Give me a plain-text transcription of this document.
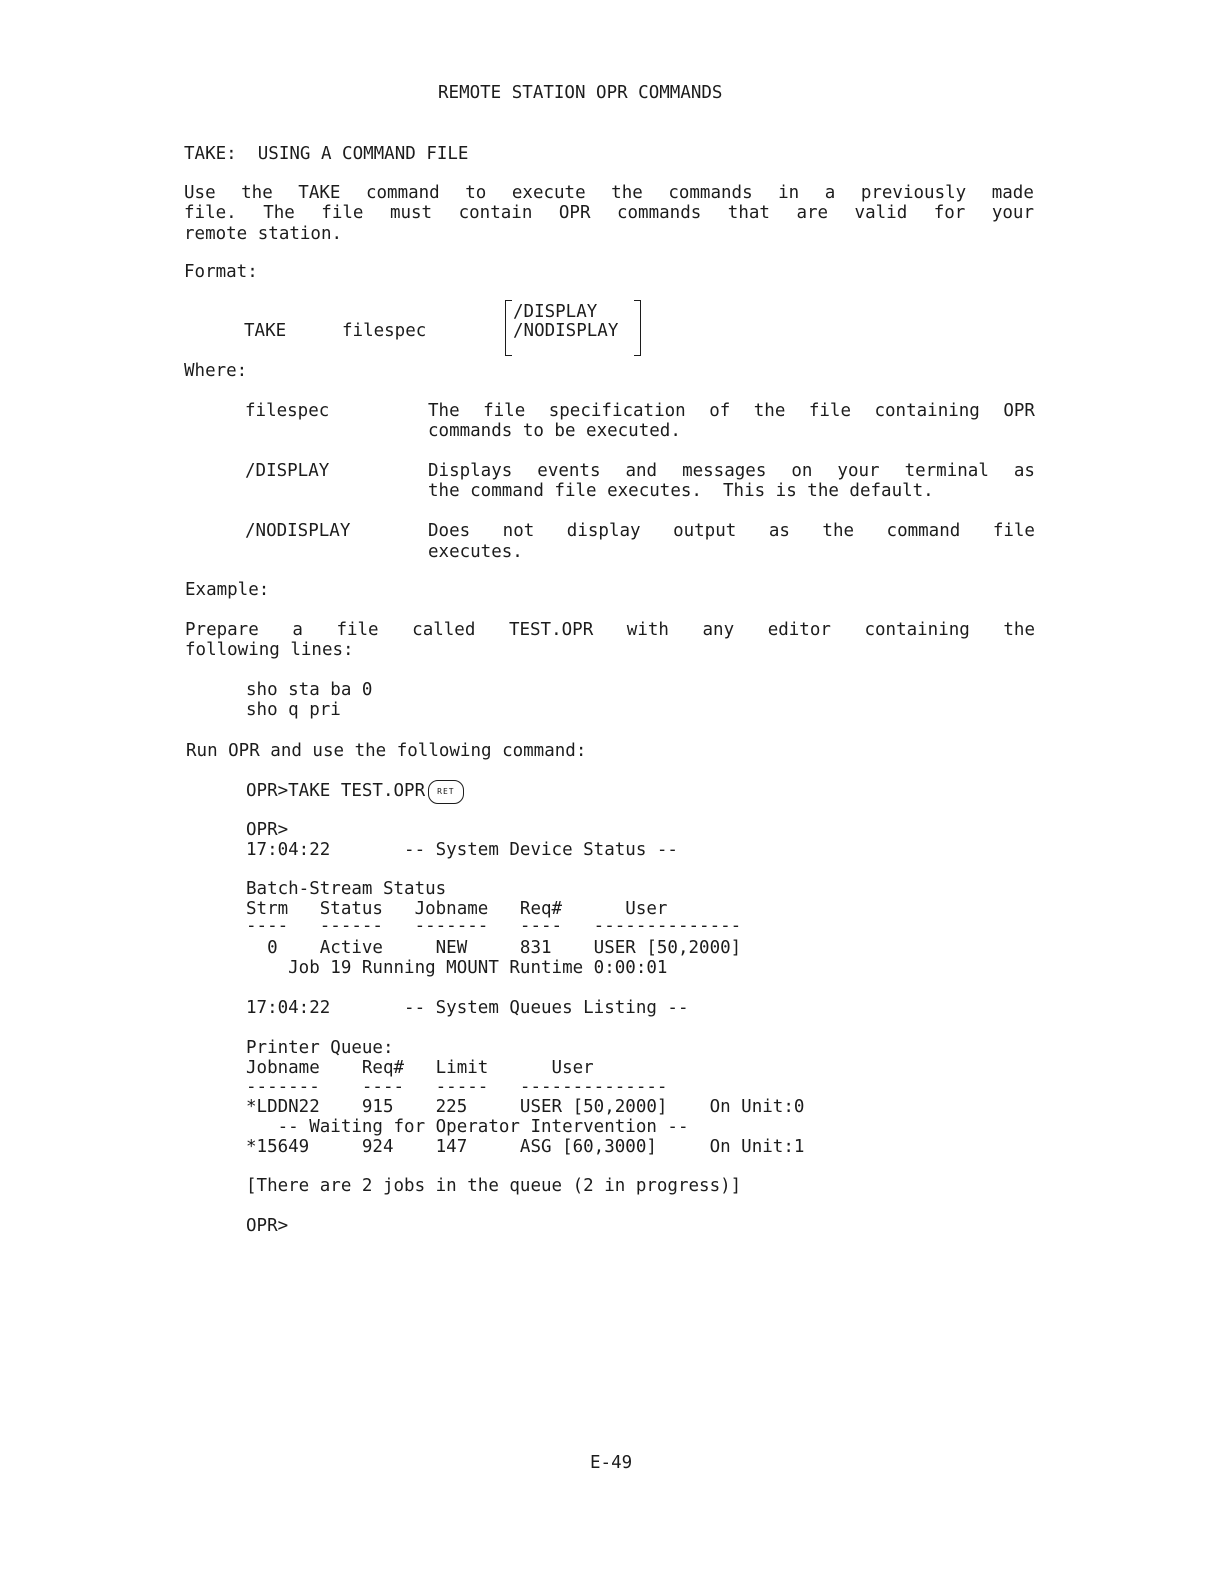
REMOTE STATION OPR COMMANDS
TAKE:  USING A COMMAND FILE
Use the TAKE command to execute the commands in a previously made
file. The file must contain OPR commands that are valid for your
remote station.
Format:
TAKE	filespec
/DISPLAY
/NODISPLAY
Where:
filespec	The file specification of the file containing OPR
commands to be executed.
/DISPLAY	Displays events and messages on your terminal as
the command file executes.  This is the default.
/NODISPLAY	Does not display output as the command file
executes.
Example:
Prepare a file called TEST.OPR with any editor containing the
following lines:
sho sta ba 0
sho q pri
Run OPR and use the following command:
OPR>TAKE TEST.OPR RET
OPR>
17:04:22       -- System Device Status --
Batch-Stream Status
Strm   Status   Jobname   Req#      User
----   ------   -------   ----   --------------
0    Active     NEW     831    USER [50,2000]
Job 19 Running MOUNT Runtime 0:00:01
17:04:22       -- System Queues Listing --
Printer Queue:
Jobname    Req#   Limit      User
-------    ----   -----   --------------
*LDDN22    915    225     USER [50,2000]    On Unit:0
-- Waiting for Operator Intervention --
*15649     924    147     ASG [60,3000]     On Unit:1
[There are 2 jobs in the queue (2 in progress)]
OPR>
E-49
